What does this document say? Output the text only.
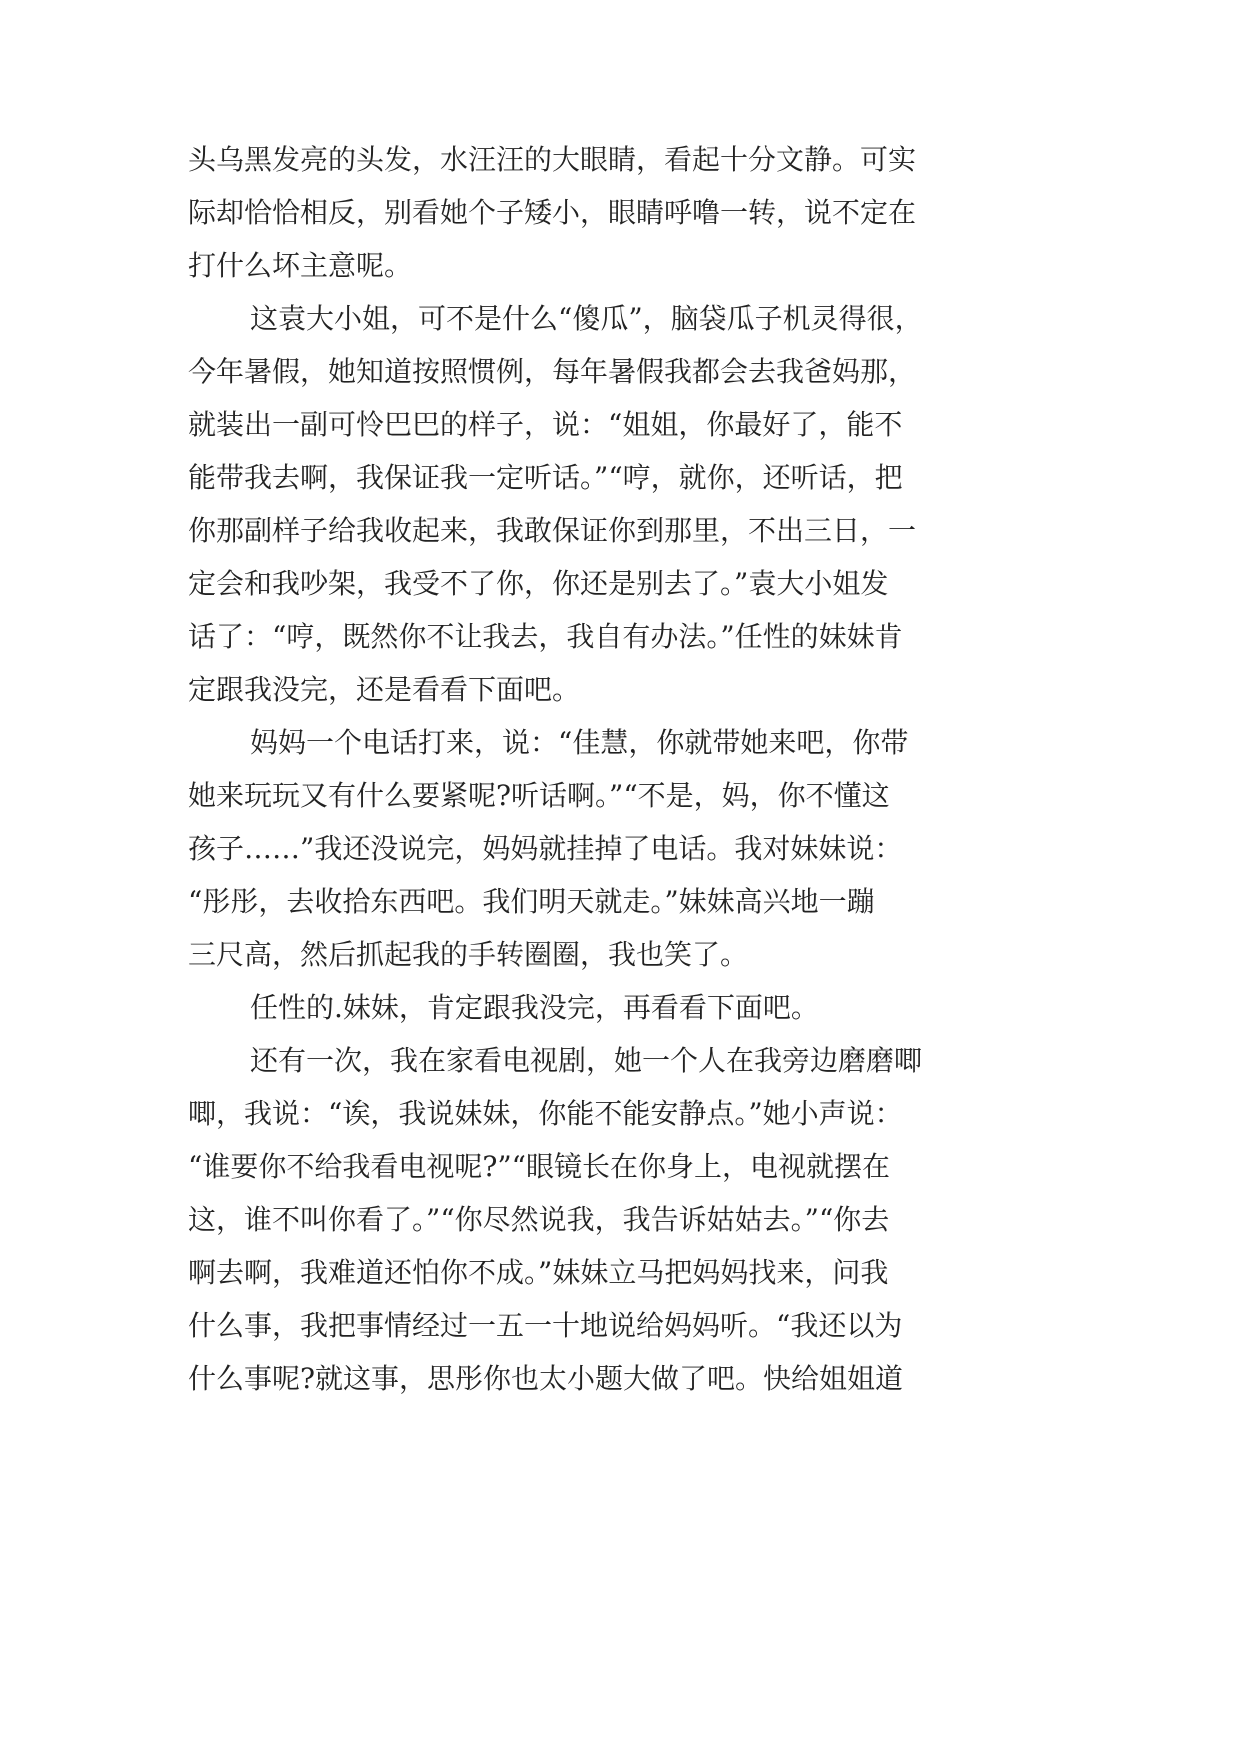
头乌黑发亮的头发，水汪汪的大眼睛，看起十分文静。可实
际却恰恰相反，别看她个子矮小，眼睛呼噜一转，说不定在
打什么坏主意呢。
这袁大小姐，可不是什么“傻瓜”，脑袋瓜子机灵得很，
今年暑假，她知道按照惯例，每年暑假我都会去我爸妈那，
就装出一副可怜巴巴的样子，说：“姐姐，你最好了，能不
能带我去啊，我保证我一定听话。”“哼，就你，还听话，把
你那副样子给我收起来，我敢保证你到那里，不出三日，一
定会和我吵架，我受不了你，你还是别去了。”袁大小姐发
话了：“哼，既然你不让我去，我自有办法。”任性的妹妹肯
定跟我没完，还是看看下面吧。
妈妈一个电话打来，说：“佳慧，你就带她来吧，你带
她来玩玩又有什么要紧呢?听话啊。”“不是，妈，你不懂这
孩子……”我还没说完，妈妈就挂掉了电话。我对妹妹说：
“彤彤，去收拾东西吧。我们明天就走。”妹妹高兴地一蹦
三尺高，然后抓起我的手转圈圈，我也笑了。
任性的.妹妹，肯定跟我没完，再看看下面吧。
还有一次，我在家看电视剧，她一个人在我旁边磨磨唧
唧，我说：“诶，我说妹妹，你能不能安静点。”她小声说：
“谁要你不给我看电视呢?”“眼镜长在你身上，电视就摆在
这，谁不叫你看了。”“你尽然说我，我告诉姑姑去。”“你去
啊去啊，我难道还怕你不成。”妹妹立马把妈妈找来，问我
什么事，我把事情经过一五一十地说给妈妈听。“我还以为
什么事呢?就这事，思彤你也太小题大做了吧。快给姐姐道
